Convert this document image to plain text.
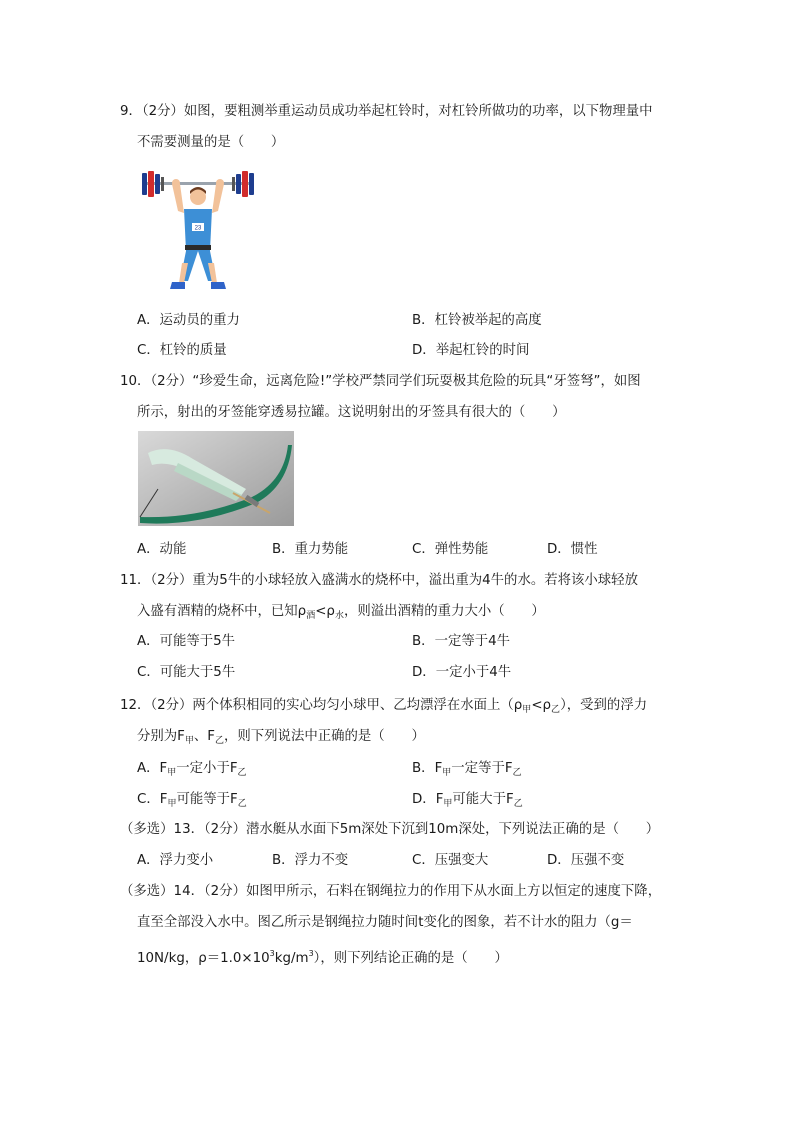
9．（2分）如图，要粗测举重运动员成功举起杠铃时，对杠铃所做功的功率，以下物理量中
不需要测量的是（　　）
23
A．运动员的重力	B．杠铃被举起的高度
C．杠铃的质量	D．举起杠铃的时间
10．（2分）“珍爱生命，远离危险!”学校严禁同学们玩耍极其危险的玩具“牙签弩”，如图
所示，射出的牙签能穿透易拉罐。这说明射出的牙签具有很大的（　　）
A．动能	B．重力势能	C．弹性势能	D．惯性
11．（2分）重为5牛的小球轻放入盛满水的烧杯中，溢出重为4牛的水。若将该小球轻放
入盛有酒精的烧杯中，已知$\rho_酒<\rho_水$，则溢出酒精的重力大小（　　）
A．可能等于5牛	B．一定等于4牛
C．可能大于5牛	D．一定小于4牛
12．（2分）两个体积相同的实心均匀小球甲、乙均漂浮在水面上$(\rho_甲<\rho_乙)$，受到的浮力
分别为$F_甲$、$F_乙$，则下列说法中正确的是（　　）
A．$F_甲$一定小于$F_乙$	B．$F_甲$一定等于$F_乙$
C．$F_甲$可能等于$F_乙$	D．$F_甲$可能大于$F_乙$
（多选）13．（2分）潜水艇从水面下5m深处下沉到10m深处，下列说法正确的是（　　）
A．浮力变小	B．浮力不变	C．压强变大	D．压强不变
（多选）14．（2分）如图甲所示，石料在钢绳拉力的作用下从水面上方以恒定的速度下降，
直至全部没入水中。图乙所示是钢绳拉力随时间t变化的图象，若不计水的阻力（g＝
10N/kg，$\rho=1.0\times 10^3kg/m^3$），则下列结论正确的是（　　）
